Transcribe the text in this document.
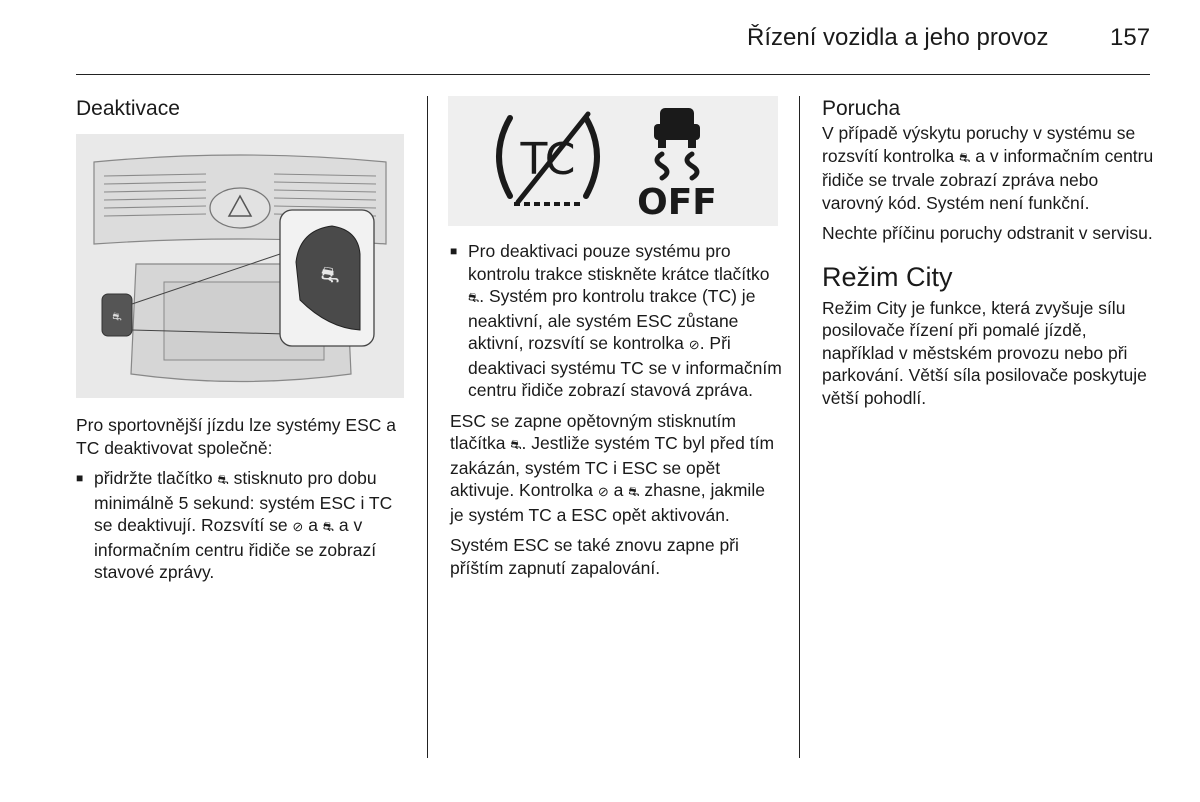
Řízení vozidla a jeho provoz	157
Deaktivace
⛐
⛐

Pro sportovnější jízdu lze systémy ESC a TC deaktivovat společně:

■ přidržte tlačítko ⛐ stisknuto pro dobu minimálně 5 sekund: systém ESC i TC se deaktivují. Rozsvítí se ⊘ a ⛐ a v informačním centru řidiče se zobrazí stavové zprávy.
TC
OFF
■ Pro deaktivaci pouze systému pro kontrolu trakce stiskněte krátce tlačítko ⛐. Systém pro kontrolu trakce (TC) je neaktivní, ale systém ESC zůstane aktivní, rozsvítí se kontrolka ⊘. Při deaktivaci systému TC se v informačním centru řidiče zobrazí stavová zpráva.

ESC se zapne opětovným stisknutím tlačítka ⛐. Jestliže systém TC byl před tím zakázán, systém TC i ESC se opět aktivuje. Kontrolka ⊘ a ⛐ zhasne, jakmile je systém TC a ESC opět aktivován.

Systém ESC se také znovu zapne při příštím zapnutí zapalování.

Porucha

V případě výskytu poruchy v systému se rozsvítí kontrolka ⛐ a v informačním centru řidiče se trvale zobrazí zpráva nebo varovný kód. Systém není funkční.

Nechte příčinu poruchy odstranit v servisu.

Režim City

Režim City je funkce, která zvyšuje sílu posilovače řízení při pomalé jízdě, například v městském provozu nebo při parkování. Větší síla posilovače poskytuje větší pohodlí.
